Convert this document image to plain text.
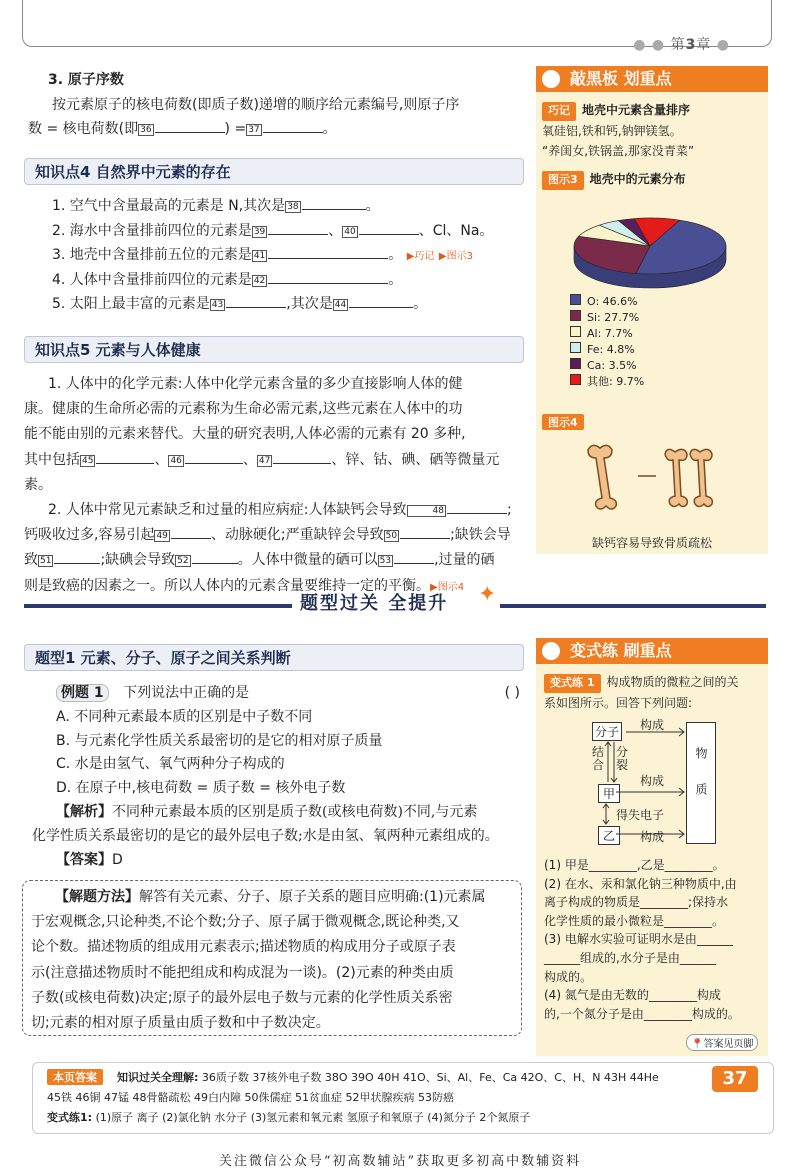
● ● 第3章 ●
3. 原子序数
按元素原子的核电荷数(即质子数)递增的顺序给元素编号,则原子序
数 = 核电荷数(即 36	) = 37	。
知识点4 自然界中元素的存在
1. 空气中含量最高的元素是 N,其次是 38	。
2. 海水中含量排前四位的元素是 39	、 40	、Cl、Na。
3. 地壳中含量排前五位的元素是 41	。 ▶巧记 ▶图示3
4. 人体中含量排前四位的元素是 42	。
5. 太阳上最丰富的元素是 43	,其次是 44	。
知识点5 元素与人体健康
1. 人体中的化学元素:人体中化学元素含量的多少直接影响人体的健
康。健康的生命所必需的元素称为生命必需元素,这些元素在人体中的功
能不能由别的元素来替代。大量的研究表明,人体必需的元素有 20 多种,
其中包括 45	、 46	、 47	、锌、钴、碘、硒等微量元素。
2. 人体中常见元素缺乏和过量的相应病症:人体缺钙会导致	48	;
钙吸收过多,容易引起 49	、动脉硬化;严重缺锌会导致 50	;缺铁会导
致 51	;缺碘会导致 52	。人体中微量的硒可以 53	,过量的硒
则是致癌的因素之一。所以人体内的元素含量要维持一定的平衡。▶图示4
敲黑板 划重点
巧记 地壳中元素含量排序
氧硅铝,铁和钙,钠钾镁氢。
“养闺女,铁锅盖,那家没青菜”
图示3 地壳中的元素分布
O: 46.6%
Si: 27.7%
Al: 7.7%
Fe: 4.8%
Ca: 3.5%
其他: 9.7%
图示4
缺钙容易导致骨质疏松
题型过关 全提升 ✦
题型1 元素、分子、原子之间关系判断
例题 1 下列说法中正确的是	( )
A. 不同种元素最本质的区别是中子数不同
B. 与元素化学性质关系最密切的是它的相对原子质量
C. 水是由氢气、氧气两种分子构成的
D. 在原子中,核电荷数 = 质子数 = 核外电子数
【解析】不同种元素最本质的区别是质子数(或核电荷数)不同,与元素
化学性质关系最密切的是它的最外层电子数;水是由氢、氧两种元素组成的。
【答案】D
【解题方法】解答有关元素、分子、原子关系的题目应明确:(1)元素属
于宏观概念,只论种类,不论个数;分子、原子属于微观概念,既论种类,又
论个数。描述物质的组成用元素表示;描述物质的构成用分子或原子表
示(注意描述物质时不能把组成和构成混为一谈)。(2)元素的种类由质
子数(或核电荷数)决定;原子的最外层电子数与元素的化学性质关系密
切;元素的相对原子质量由质子数和中子数决定。
变式练 刷重点
变式练 1 构成物质的微粒之间的关
系如图所示。回答下列问题:
分子
甲
乙
物质
结合
分裂
构成
构成
得失电子
构成
(1) 甲是________,乙是________。
(2) 在水、汞和氯化钠三种物质中,由
离子构成的物质是________;保持水
化学性质的最小微粒是________。
(3) 电解水实验可证明水是由______
______组成的,水分子是由______
构成的。
(4) 氮气是由无数的________构成
的,一个氮分子是由________构成的。
📍答案见页脚
本页答案	知识过关全理解: 36质子数 37核外电子数 38O 39O 40H 41O、Si、Al、Fe、Ca 42O、C、H、N 43H 44He
45铁 46铜 47锰 48骨骼疏松 49白内障 50侏儒症 51贫血症 52甲状腺疾病 53防癌
变式练1: (1)原子 离子 (2)氯化钠 水分子 (3)氢元素和氧元素 氢原子和氧原子 (4)氮分子 2个氮原子
37
关注微信公众号“初高数辅站”获取更多初高中数辅资料
